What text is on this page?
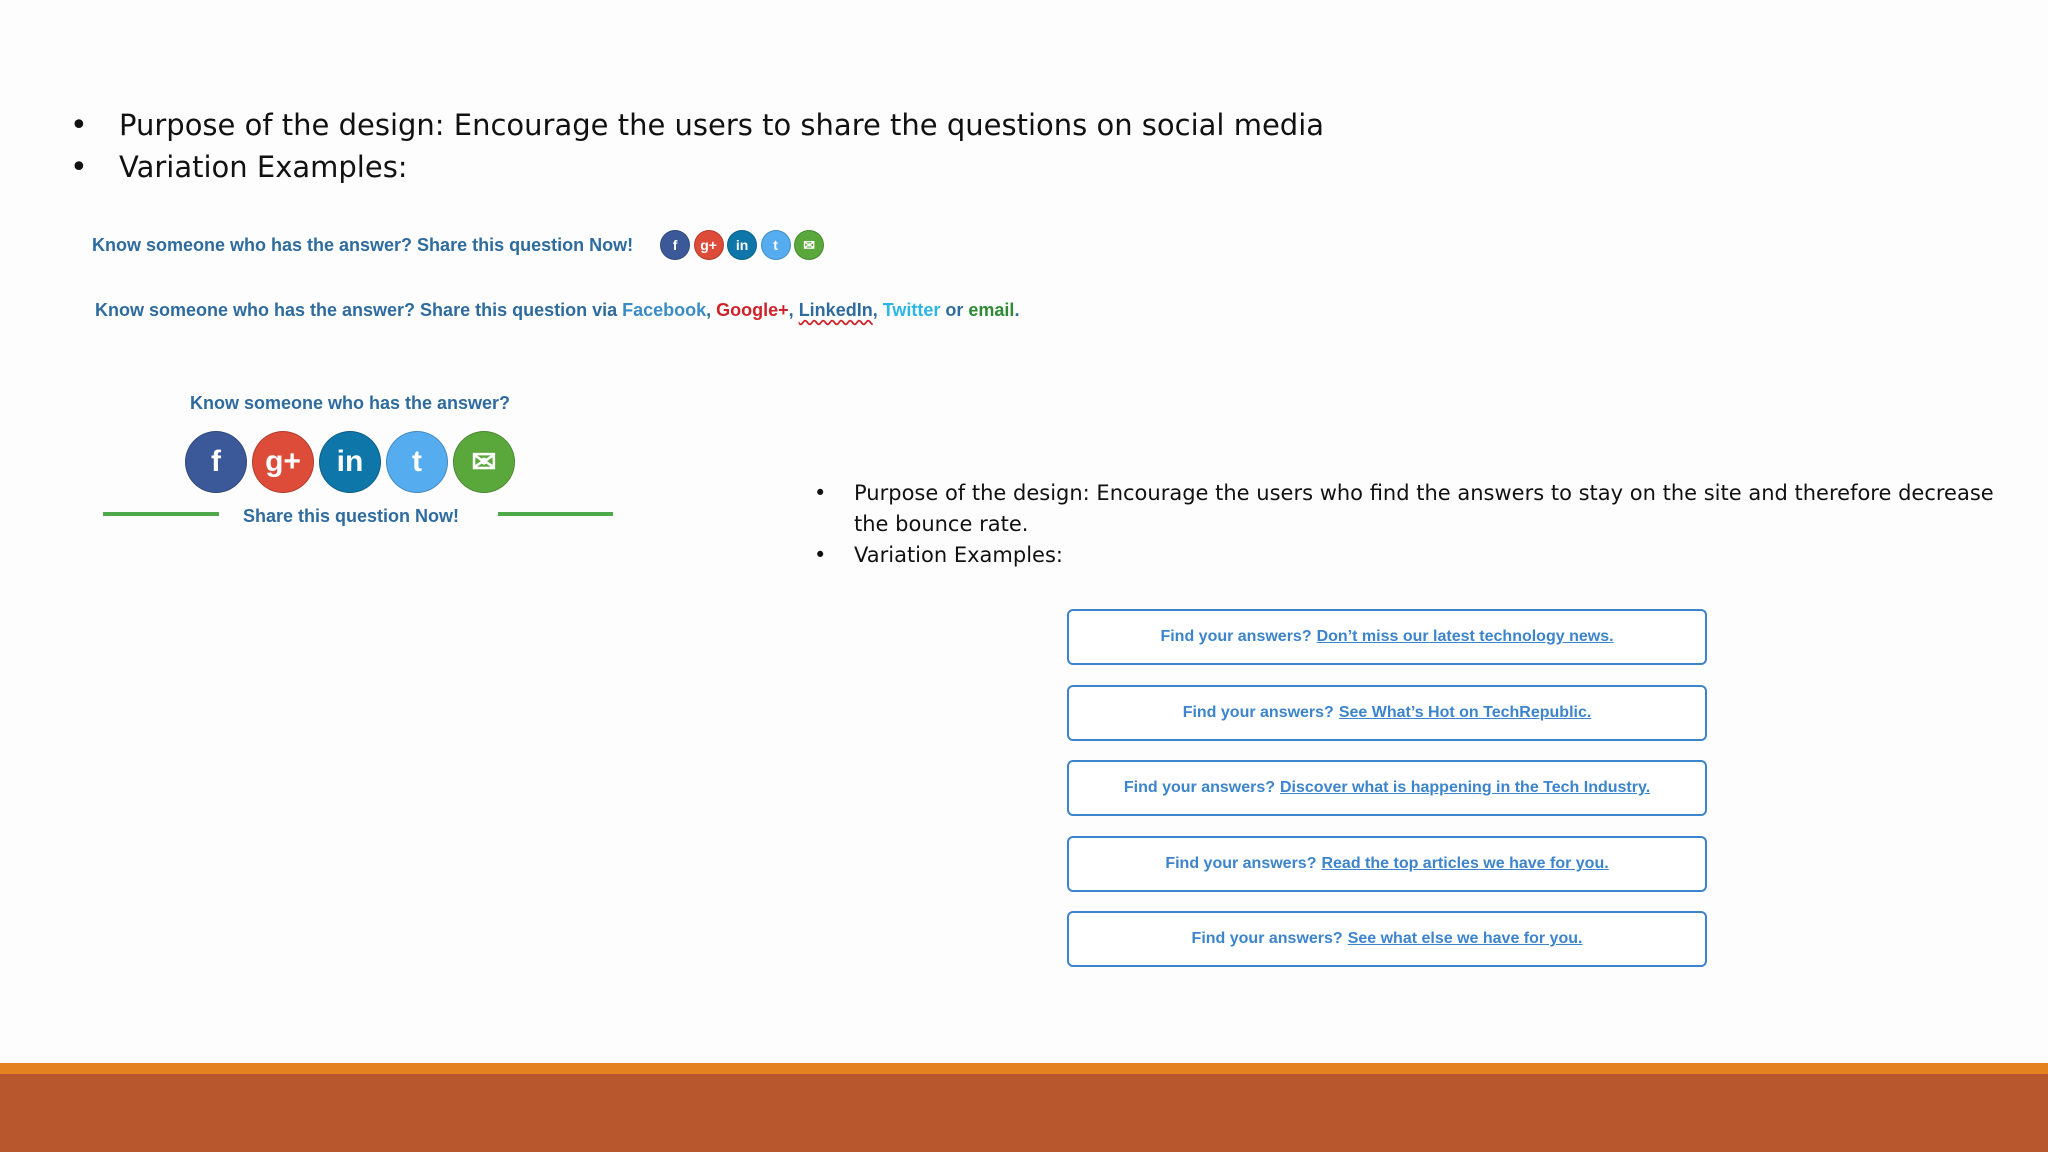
•	Purpose of the design: Encourage the users to share the questions on social media
•	Variation Examples:
Know someone who has the answer? Share this question Now!	f g+ in t ✉
Know someone who has the answer? Share this question via Facebook, Google+, LinkedIn, Twitter or email.
Know someone who has the answer?
f g+ in t ✉
Share this question Now!
•	Purpose of the design: Encourage the users who find the answers to stay on the site and therefore decrease the bounce rate.
•	Variation Examples:
Find your answers? Don’t miss our latest technology news.
Find your answers? See What’s Hot on TechRepublic.
Find your answers? Discover what is happening in the Tech Industry.
Find your answers? Read the top articles we have for you.
Find your answers? See what else we have for you.
